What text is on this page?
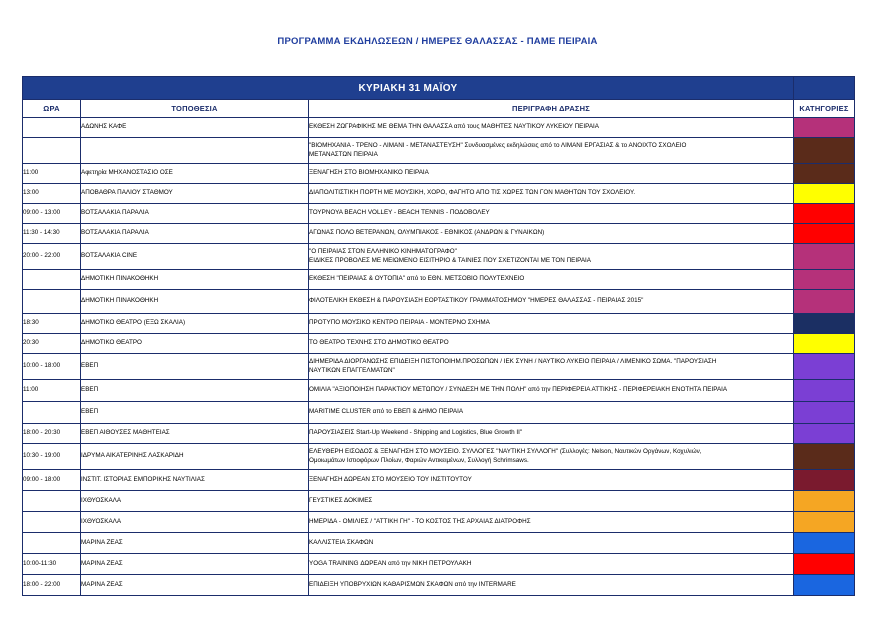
ΠΡΟΓΡΑΜΜΑ ΕΚΔΗΛΩΣΕΩΝ / ΗΜΕΡΕΣ ΘΑΛΑΣΣΑΣ - ΠΑΜΕ ΠΕΙΡΑΙΑ
ΚΥΡΙΑΚΗ 31 ΜΑΪΟΥ			
ΩΡΑ	ΤΟΠΟΘΕΣΙΑ	ΠΕΡΙΓΡΑΦΗ ΔΡΑΣΗΣ	ΚΑΤΗΓΟΡΙΕΣ
	ΑΔΩΝΗΣ ΚΑΦΕ	ΕΚΘΕΣΗ ΖΩΓΡΑΦΙΚΗΣ ΜΕ ΘΕΜΑ ΤΗΝ ΘΑΛΑΣΣΑ από τους ΜΑΘΗΤΕΣ ΝΑΥΤΙΚΟΥ ΛΥΚΕΙΟΥ ΠΕΙΡΑΙΑ	

		"ΒΙΟΜΗΧΑΝΙΑ - ΤΡΕΝΟ - ΛΙΜΑΝΙ - ΜΕΤΑΝΑΣΤΕΥΣΗ" Συνδυασμένες εκδηλώσεις από το ΛΙΜΑΝΙ ΕΡΓΑΣΙΑΣ & το ΑΝΟΙΧΤΟ ΣΧΟΛΕΙΟ
ΜΕΤΑΝΑΣΤΩΝ ΠΕΙΡΑΙΑ	

11:00	Αφετηρία ΜΗΧΑΝΟΣΤΑΣΙΟ ΟΣΕ	ΞΕΝΑΓΗΣΗ ΣΤΟ ΒΙΟΜΗΧΑΝΙΚΟ ΠΕΙΡΑΙΑ	

13:00	ΑΠΟΒΑΘΡΑ ΠΑΛΙΟΥ ΣΤΑΘΜΟΥ	ΔΙΑΠΟΛΙΤΙΣΤΙΚΗ ΠΟΡΤΗ ΜΕ ΜΟΥΣΙΚΗ, ΧΟΡΟ, ΦΑΓΗΤΟ ΑΠΟ ΤΙΣ ΧΩΡΕΣ ΤΩΝ ΓΟΝ ΜΑΘΗΤΩΝ ΤΟΥ ΣΧΟΛΕΙΟΥ.	

09:00 - 13:00	ΒΟΤΣΑΛΑΚΙΑ ΠΑΡΑΛΙΑ	ΤΟΥΡΝΟΥΑ BEACH VOLLEY - BEACH TENNIS - ΠΟΔΟΒΟΛΕΥ	

11:30 - 14:30	ΒΟΤΣΑΛΑΚΙΑ ΠΑΡΑΛΙΑ	ΑΓΩΝΑΣ ΠΟΛΟ ΒΕΤΕΡΑΝΩΝ, ΟΛΥΜΠΙΑΚΟΣ - ΕΘΝΙΚΟΣ (ΑΝΔΡΩΝ & ΓΥΝΑΙΚΩΝ)	

20:00 - 22:00	ΒΟΤΣΑΛΑΚΙΑ CINE	"Ο ΠΕΙΡΑΙΑΣ ΣΤΟΝ ΕΛΛΗΝΙΚΟ ΚΙΝΗΜΑΤΟΓΡΑΦΟ"
ΕΙΔΙΚΕΣ ΠΡΟΒΟΛΕΣ ΜΕ ΜΕΙΩΜΕΝΟ ΕΙΣΙΤΗΡΙΟ & ΤΑΙΝΙΕΣ ΠΟΥ ΣΧΕΤΙΖΟΝΤΑΙ ΜΕ ΤΟΝ ΠΕΙΡΑΙΑ	

	ΔΗΜΟΤΙΚΗ ΠΙΝΑΚΟΘΗΚΗ	ΕΚΘΕΣΗ "ΠΕΙΡΑΙΑΣ & ΟΥΤΟΠΙΑ" από το ΕΘΝ. ΜΕΤΣΟΒΙΟ ΠΟΛΥΤΕΧΝΕΙΟ	

	ΔΗΜΟΤΙΚΗ ΠΙΝΑΚΟΘΗΚΗ	ΦΙΛΟΤΕΛΙΚΗ ΕΚΘΕΣΗ & ΠΑΡΟΥΣΙΑΣΗ ΕΟΡΤΑΣΤΙΚΟΥ ΓΡΑΜΜΑΤΟΣΗΜΟΥ "ΗΜΕΡΕΣ ΘΑΛΑΣΣΑΣ - ΠΕΙΡΑΙΑΣ 2015"	

18:30	ΔΗΜΟΤΙΚΟ ΘΕΑΤΡΟ (ΕΞΩ ΣΚΑΛΙΑ)	ΠΡΟΤΥΠΟ ΜΟΥΣΙΚΟ ΚΕΝΤΡΟ ΠΕΙΡΑΙΑ - ΜΟΝΤΕΡΝΟ ΣΧΗΜΑ	

20:30	ΔΗΜΟΤΙΚΟ ΘΕΑΤΡΟ	ΤΟ ΘΕΑΤΡΟ ΤΕΧΝΗΣ ΣΤΟ ΔΗΜΟΤΙΚΟ ΘΕΑΤΡΟ	

10:00 - 18:00	ΕΒΕΠ	ΔΙΗΜΕΡΙΔΑ ΔΙΟΡΓΑΝΩΣΗΣ ΕΠΙΔΕΙΞΗ ΠΙΣΤΟΠΟΙΗΜ.ΠΡΟΣΩΠΩΝ / ΙΕΚ ΣΥΝΗ / ΝΑΥΤΙΚΟ ΛΥΚΕΙΟ ΠΕΙΡΑΙΑ / ΛΙΜΕΝΙΚΟ ΣΩΜΑ. "ΠΑΡΟΥΣΙΑΣΗ
ΝΑΥΤΙΚΩΝ ΕΠΑΓΓΕΛΜΑΤΩΝ"	

11:00	ΕΒΕΠ	ΟΜΙΛΙΑ "ΑΞΙΟΠΟΙΗΣΗ ΠΑΡΑΚΤΙΟΥ ΜΕΤΩΠΟΥ / ΣΥΝΔΕΣΗ ΜΕ ΤΗΝ ΠΟΛΗ" από την ΠΕΡΙΦΕΡΕΙΑ ΑΤΤΙΚΗΣ - ΠΕΡΙΦΕΡΕΙΑΚΗ ΕΝΟΤΗΤΑ ΠΕΙΡΑΙΑ	

	ΕΒΕΠ	MARITIME CLUSTER από το ΕΒΕΠ & ΔΗΜΟ ΠΕΙΡΑΙΑ	

18:00 - 20:30	ΕΒΕΠ ΑΙΘΟΥΣΕΣ ΜΑΘΗΤΕΙΑΣ	ΠΑΡΟΥΣΙΑΣΕΙΣ Start-Up Weekend - Shipping and Logistics, Blue Growth II"	

10:30 - 19:00	ΙΔΡΥΜΑ ΑΙΚΑΤΕΡΙΝΗΣ ΛΑΣΚΑΡΙΔΗ	ΕΛΕΥΘΕΡΗ ΕΙΣΟΔΟΣ & ΞΕΝΑΓΗΣΗ ΣΤΟ ΜΟΥΣΕΙΟ. ΣΥΛΛΟΓΕΣ "ΝΑΥΤΙΚΗ ΣΥΛΛΟΓΗ" (Συλλογές: Nelson, Ναυτικών Οργάνων, Κοχυλιών,
Ομοιωμάτων Ιστιοφόρων Πλοίων, Φαριών Αντικειμένων, Συλλογή Schrimsaws.	

09:00 - 18:00	ΙΝΣΤΙΤ. ΙΣΤΟΡΙΑΣ ΕΜΠΟΡΙΚΗΣ ΝΑΥΤΙΛΙΑΣ	ΞΕΝΑΓΗΣΗ ΔΩΡΕΑΝ ΣΤΟ ΜΟΥΣΕΙΟ ΤΟΥ ΙΝΣΤΙΤΟΥΤΟΥ	

	ΙΧΘΥΟΣΚΑΛΑ	ΓΕΥΣΤΙΚΕΣ ΔΟΚΙΜΕΣ	

	ΙΧΘΥΟΣΚΑΛΑ	ΗΜΕΡΙΔΑ - ΟΜΙΛΙΕΣ / "ΑΤΤΙΚΗ ΓΗ" - ΤΟ ΚΟΣΤΟΣ ΤΗΣ ΑΡΧΑΙΑΣ ΔΙΑΤΡΟΦΗΣ	

	ΜΑΡΙΝΑ ΖΕΑΣ	ΚΑΛΛΙΣΤΕΙΑ ΣΚΑΦΩΝ	

10:00-11:30	ΜΑΡΙΝΑ ΖΕΑΣ	YOGA TRAINING ΔΩΡΕΑΝ από την ΝΙΚΗ ΠΕΤΡΟΥΛΑΚΗ	

18:00 - 22:00	ΜΑΡΙΝΑ ΖΕΑΣ	ΕΠΙΔΕΙΞΗ ΥΠΟΒΡΥΧΙΩΝ ΚΑΘΑΡΙΣΜΩΝ ΣΚΑΦΩΝ από την INTERMARE	
